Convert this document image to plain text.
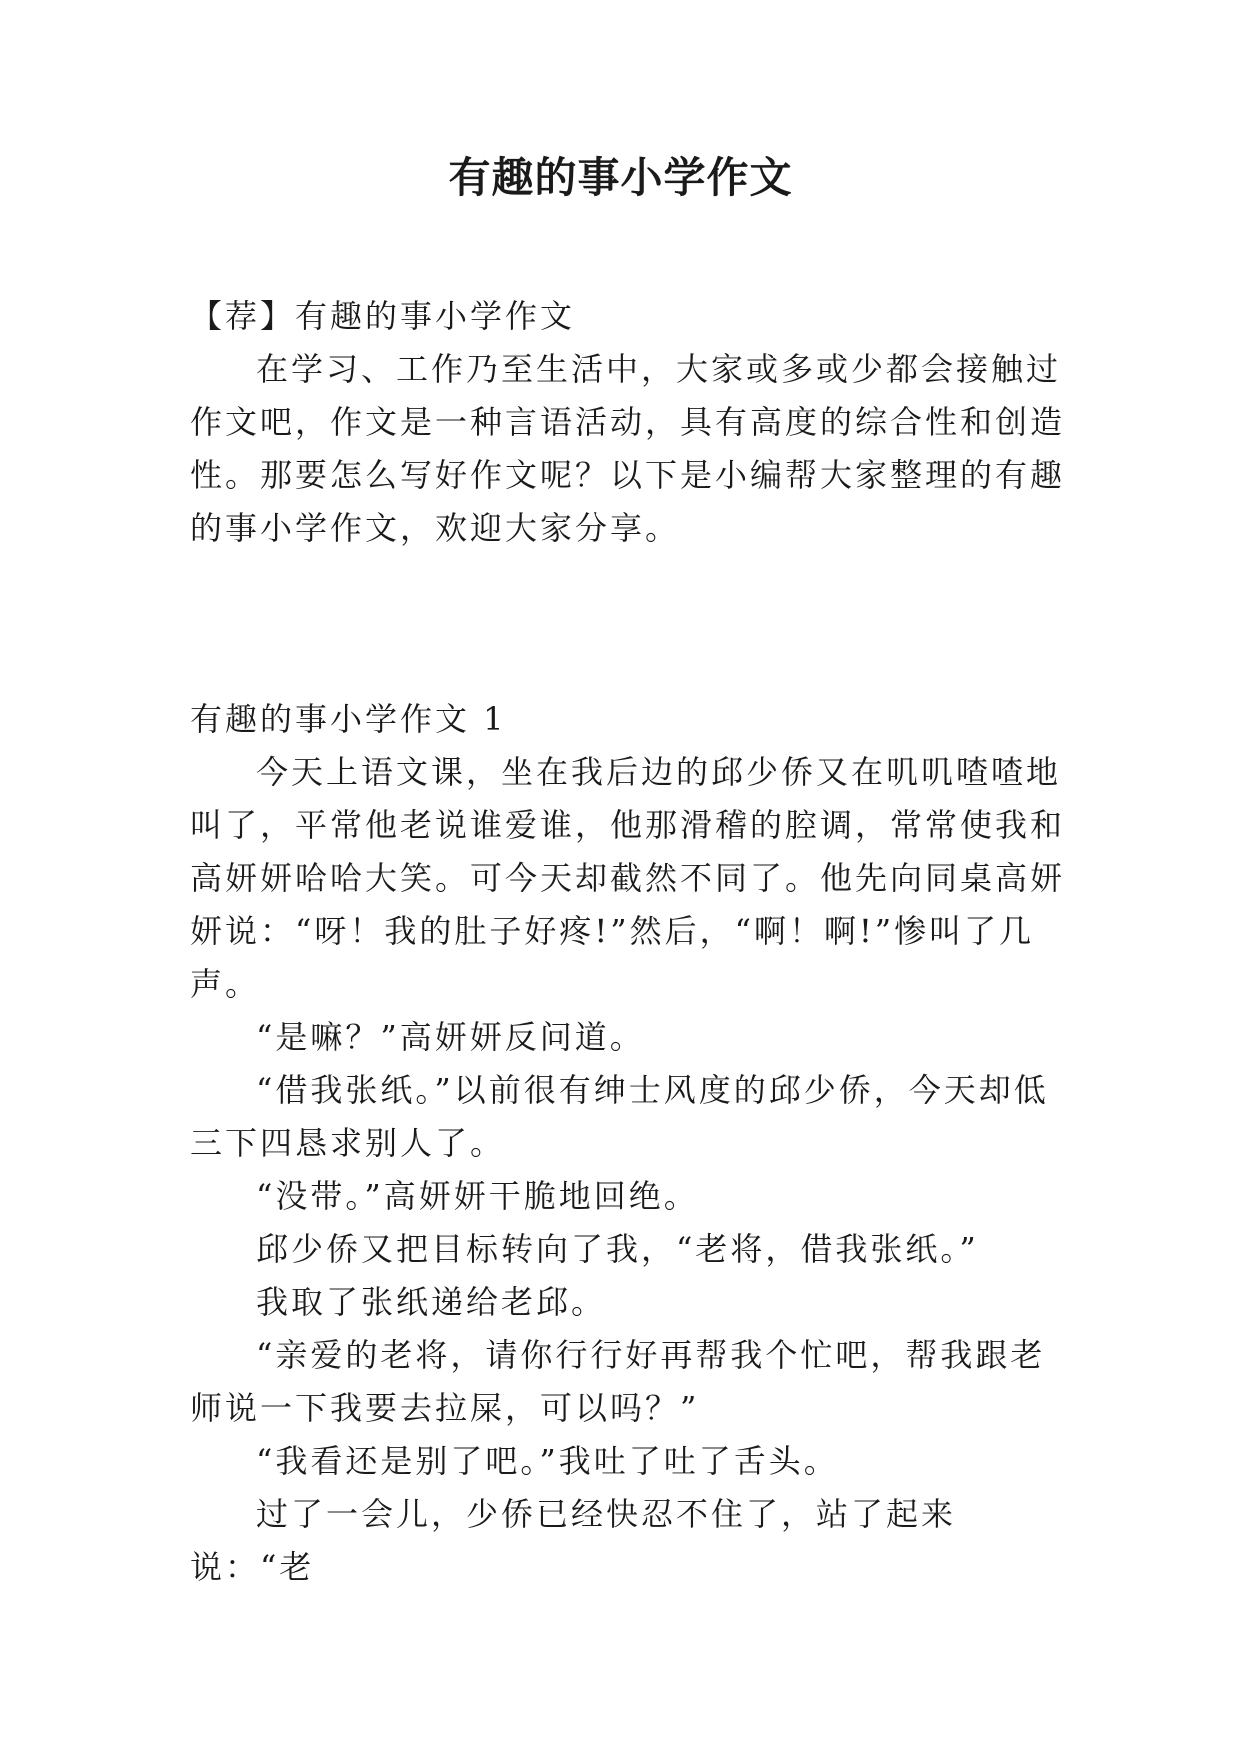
有趣的事小学作文

【荐】有趣的事小学作文

在学习、工作乃至生活中，大家或多或少都会接触过作文吧，作文是一种言语活动，具有高度的综合性和创造性。那要怎么写好作文呢？以下是小编帮大家整理的有趣的事小学作文，欢迎大家分享。

有趣的事小学作文 1

今天上语文课，坐在我后边的邱少侨又在叽叽喳喳地叫了，平常他老说谁爱谁，他那滑稽的腔调，常常使我和高妍妍哈哈大笑。可今天却截然不同了。他先向同桌高妍妍说：“呀！我的肚子好疼!”然后，“啊！啊!”惨叫了几声。

“是嘛？”高妍妍反问道。

“借我张纸。”以前很有绅士风度的邱少侨，今天却低三下四恳求别人了。

“没带。”高妍妍干脆地回绝。

邱少侨又把目标转向了我，“老将，借我张纸。”

我取了张纸递给老邱。

“亲爱的老将，请你行行好再帮我个忙吧，帮我跟老师说一下我要去拉屎，可以吗？”

“我看还是别了吧。”我吐了吐了舌头。

过了一会儿，少侨已经快忍不住了，站了起来说：“老
